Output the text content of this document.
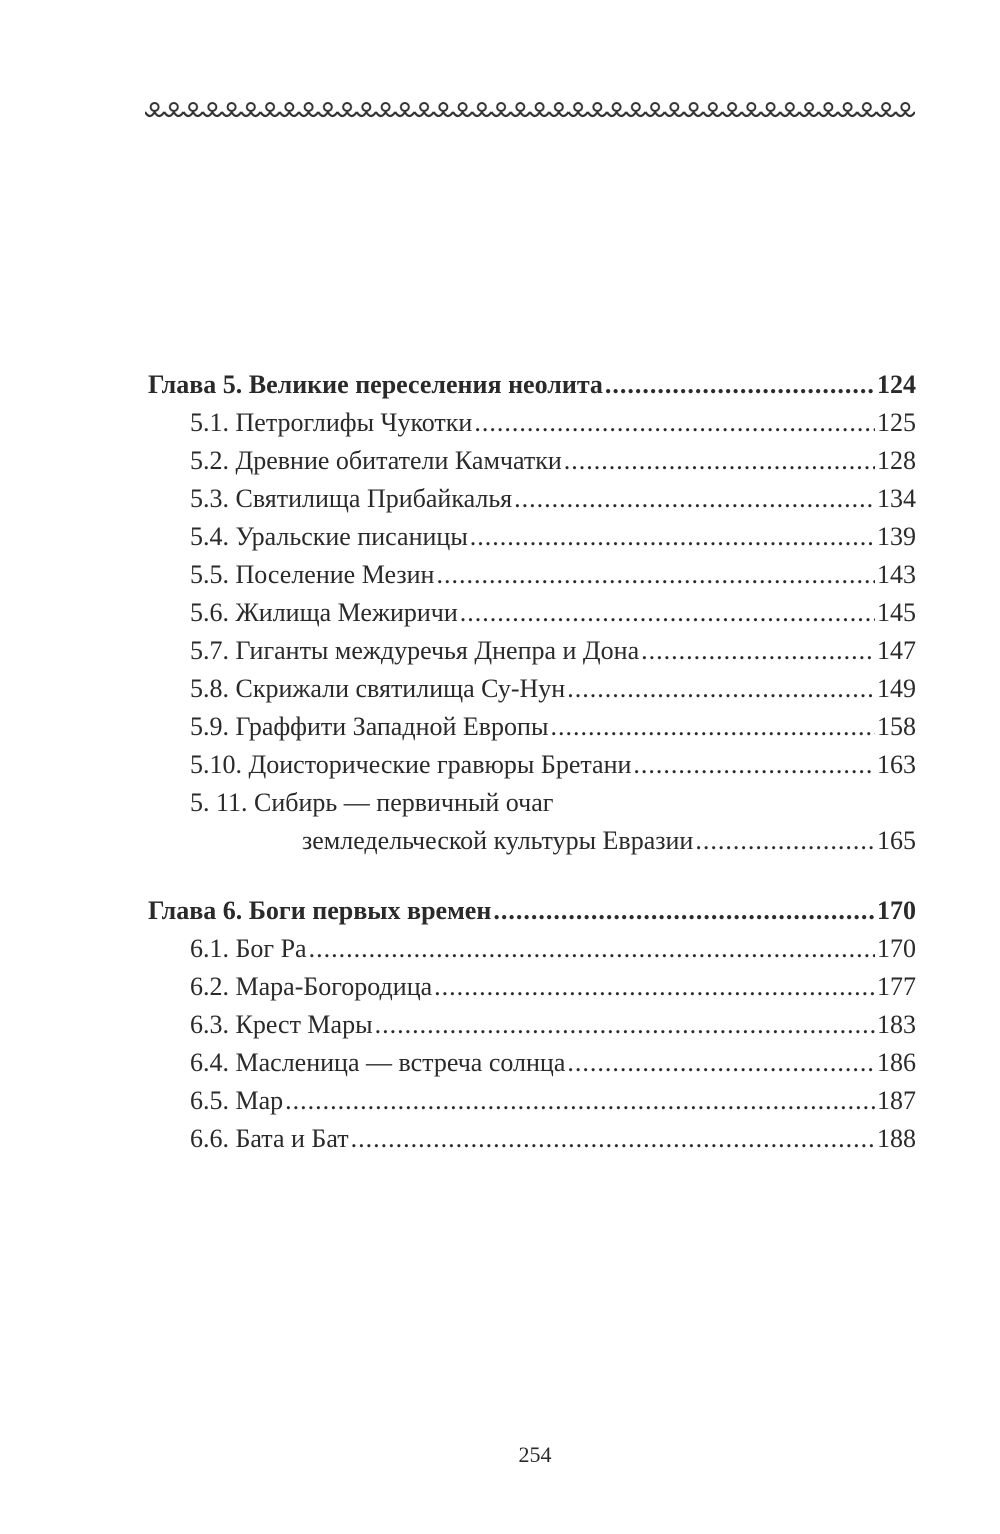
Глава 5. Великие переселения неолита .....	124
5.1. Петроглифы Чукотки .....	125
5.2. Древние обитатели Камчатки .....	128
5.3. Святилища Прибайкалья .....	134
5.4. Уральские писаницы .....	139
5.5. Поселение Мезин .....	143
5.6. Жилища Межиричи .....	145
5.7. Гиганты междуречья Днепра и Дона .....	147
5.8. Скрижали святилища Су-Нун .....	149
5.9. Граффити Западной Европы .....	158
5.10. Доисторические гравюры Бретани .....	163
5. 11. Сибирь — первичный очаг
земледельческой культуры Евразии .....	165
Глава 6. Боги первых времен .....	170
6.1. Бог Ра .....	170
6.2. Мара-Богородица .....	177
6.3. Крест Мары .....	183
6.4. Масленица — встреча солнца .....	186
6.5. Мар .....	187
6.6. Бата и Бат .....	188
254
